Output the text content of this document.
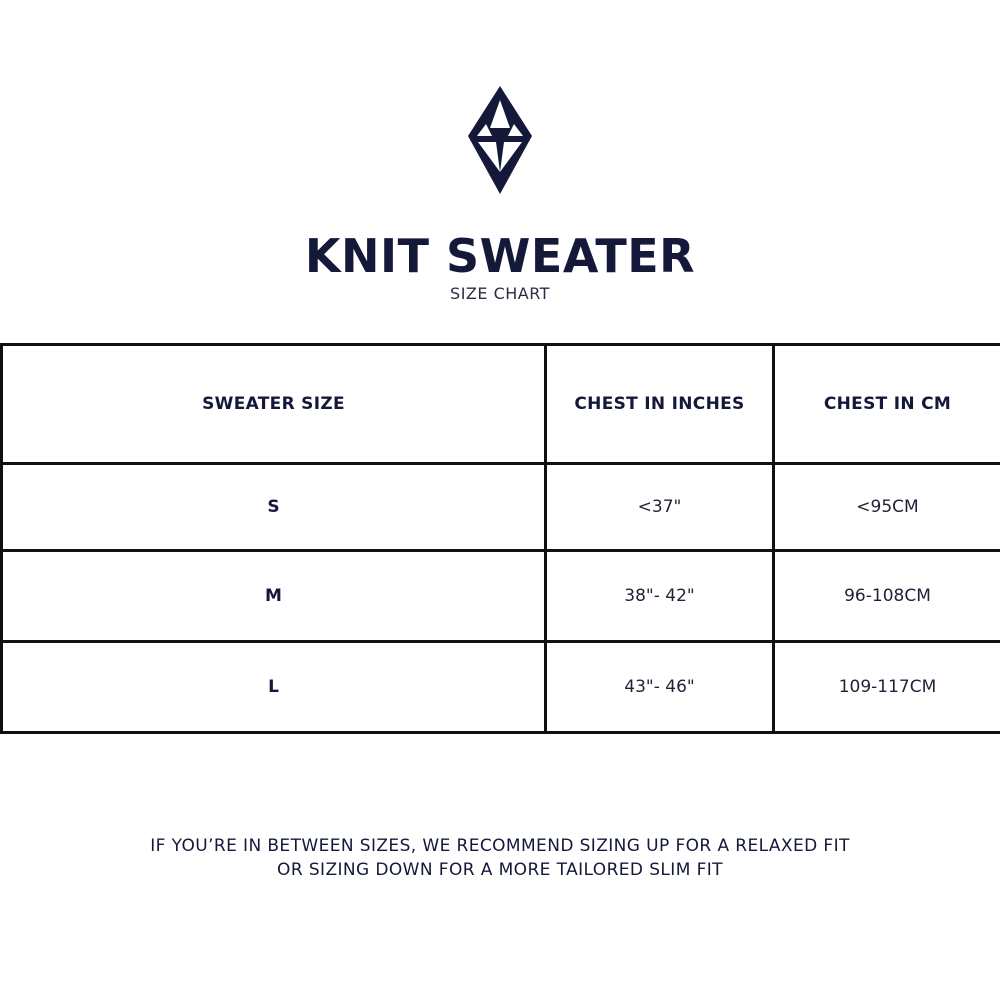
KNIT SWEATER
SIZE CHART
SWEATER SIZE	CHEST IN INCHES	CHEST IN CM
S	<37"	<95CM
M	38"- 42"	96-108CM
L	43"- 46"	109-117CM
IF YOU’RE IN BETWEEN SIZES, WE RECOMMEND SIZING UP FOR A RELAXED FIT
OR SIZING DOWN FOR A MORE TAILORED SLIM FIT
